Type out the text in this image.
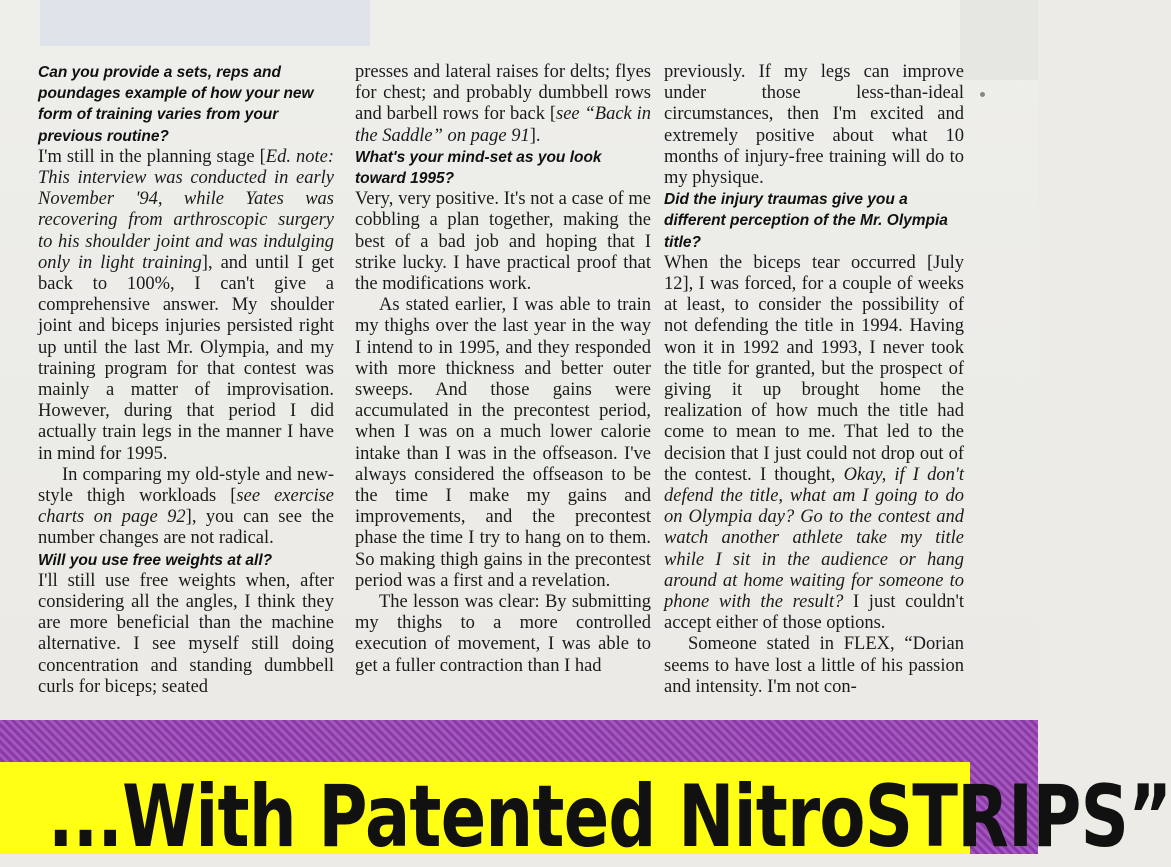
Can you provide a sets, reps and poundages example of how your new form of training varies from your previous routine?

I'm still in the planning stage [Ed. note: This interview was conducted in early November '94, while Yates was recovering from arthroscopic surgery to his shoulder joint and was indulging only in light training], and until I get back to 100%, I can't give a comprehensive answer. My shoulder joint and biceps injuries persisted right up until the last Mr. Olympia, and my training program for that contest was mainly a matter of improvisation. However, during that period I did actually train legs in the manner I have in mind for 1995.

In comparing my old-style and new-style thigh workloads [see exercise charts on page 92], you can see the number changes are not radical.

Will you use free weights at all?

I'll still use free weights when, after considering all the angles, I think they are more beneficial than the machine alternative. I see myself still doing concentration and standing dumbbell curls for biceps; seated

presses and lateral raises for delts; flyes for chest; and probably dumbbell rows and barbell rows for back [see “Back in the Saddle” on page 91].

What's your mind-set as you look toward 1995?

Very, very positive. It's not a case of me cobbling a plan together, making the best of a bad job and hoping that I strike lucky. I have practical proof that the modifications work.

As stated earlier, I was able to train my thighs over the last year in the way I intend to in 1995, and they responded with more thickness and better outer sweeps. And those gains were accumulated in the precontest period, when I was on a much lower calorie intake than I was in the offseason. I've always considered the offseason to be the time I make my gains and improvements, and the precontest phase the time I try to hang on to them. So making thigh gains in the precontest period was a first and a revelation.

The lesson was clear: By submitting my thighs to a more controlled execution of movement, I was able to get a fuller contraction than I had

previously. If my legs can improve under those less-than-ideal circumstances, then I'm excited and extremely positive about what 10 months of injury-free training will do to my physique.

Did the injury traumas give you a different perception of the Mr. Olympia title?

When the biceps tear occurred [July 12], I was forced, for a couple of weeks at least, to consider the possibility of not defending the title in 1994. Having won it in 1992 and 1993, I never took the title for granted, but the prospect of giving it up brought home the realization of how much the title had come to mean to me. That led to the decision that I just could not drop out of the contest. I thought, Okay, if I don't defend the title, what am I going to do on Olympia day? Go to the contest and watch another athlete take my title while I sit in the audience or hang around at home waiting for someone to phone with the result? I just couldn't accept either of those options.

Someone stated in FLEX, “Dorian seems to have lost a little of his passion and intensity. I'm not con-

...With Patented NitroSTRIPS”
